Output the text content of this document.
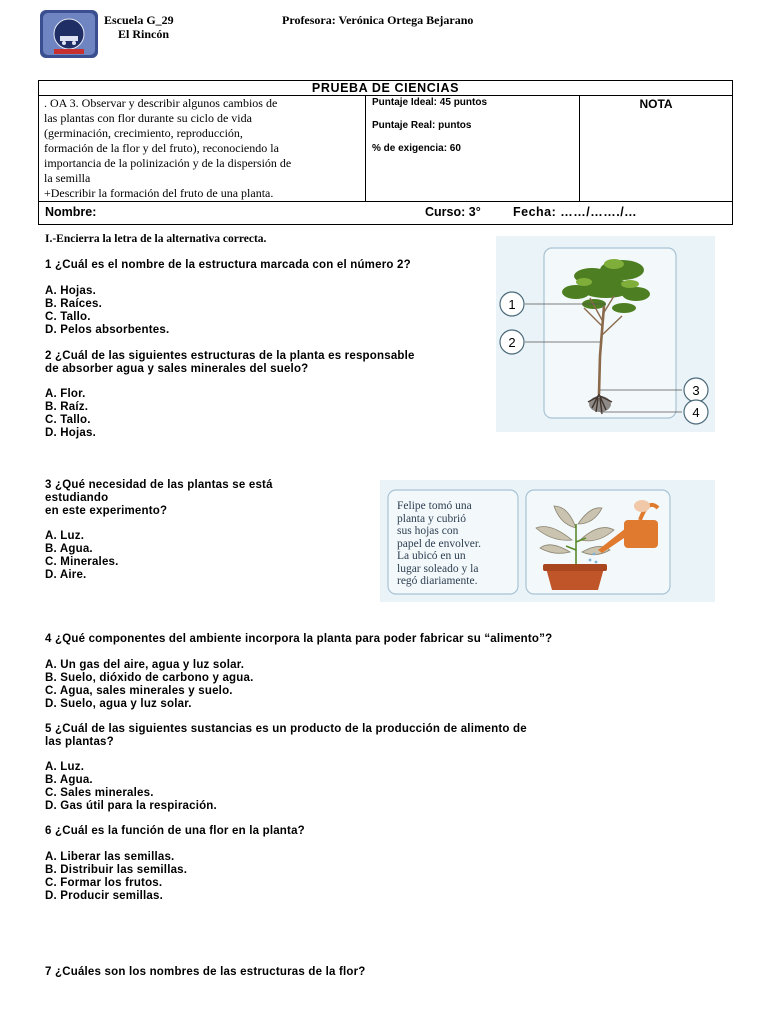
Escuela G_29
El Rincón
Profesora: Verónica Ortega Bejarano
PRUEBA DE CIENCIAS

. OA 3. Observar y describir algunos cambios de
las plantas con flor durante su ciclo de vida
(germinación, crecimiento, reproducción,
formación de la flor y del fruto), reconociendo la
importancia de la polinización y de la dispersión de
la semilla
+Describir la formación del fruto de una planta.

Puntaje Ideal: 45 puntos
Puntaje Real: puntos
% de exigencia: 60
	NOTA
Nombre:	Curso: 3°	Fecha: ……/……./…
I.-Encierra la letra de la alternativa correcta.
1 ¿Cuál es el nombre de la estructura marcada con el número 2?
A. Hojas.
B. Raíces.
C. Tallo.
D. Pelos absorbentes.
2 ¿Cuál de las siguientes estructuras de la planta es responsable
de absorber agua y sales minerales del suelo?
A. Flor.
B. Raíz.
C. Tallo.
D. Hojas.
1
2
3
4
3 ¿Qué necesidad de las plantas se está
estudiando
en este experimento?
A. Luz.
B. Agua.
C. Minerales.
D. Aire.
Felipe tomó una
planta y cubrió
sus hojas con
papel de envolver.
La ubicó en un
lugar soleado y la
regó diariamente.
4 ¿Qué componentes del ambiente incorpora la planta para poder fabricar su “alimento”?
A. Un gas del aire, agua y luz solar.
B. Suelo, dióxido de carbono y agua.
C. Agua, sales minerales y suelo.
D. Suelo, agua y luz solar.
5 ¿Cuál de las siguientes sustancias es un producto de la producción de alimento de
las plantas?
A. Luz.
B. Agua.
C. Sales minerales.
D. Gas útil para la respiración.
6 ¿Cuál es la función de una flor en la planta?
A. Liberar las semillas.
B. Distribuir las semillas.
C. Formar los frutos.
D. Producir semillas.
7 ¿Cuáles son los nombres de las estructuras de la flor?
